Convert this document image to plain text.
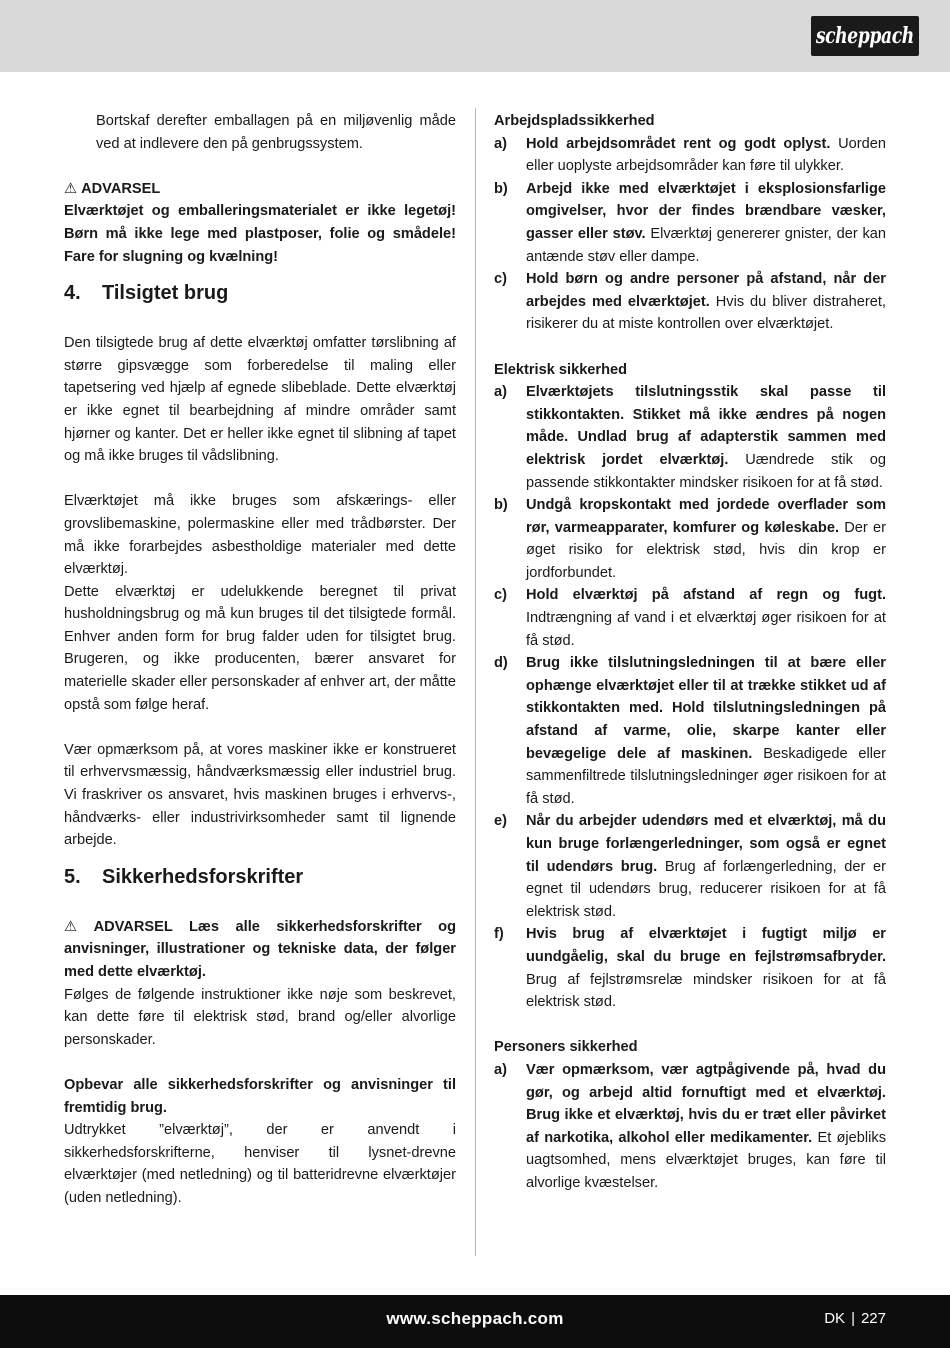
scheppach

Bortskaf derefter emballagen på en miljøvenlig måde ved at indlevere den på genbrugssystem.

⚠ ADVARSEL

Elværktøjet og emballeringsmaterialet er ikke legetøj! Børn må ikke lege med plastposer, folie og smådele! Fare for slugning og kvælning!

4.	Tilsigtet brug

Den tilsigtede brug af dette elværktøj omfatter tørslibning af større gipsvægge som forberedelse til maling eller tapetsering ved hjælp af egnede slibeblade. Dette elværktøj er ikke egnet til bearbejdning af mindre områder samt hjørner og kanter. Det er heller ikke egnet til slibning af tapet og må ikke bruges til vådslibning.

Elværktøjet må ikke bruges som afskærings- eller grovslibemaskine, polermaskine eller med trådbørster. Der må ikke forarbejdes asbestholdige materialer med dette elværktøj.

Dette elværktøj er udelukkende beregnet til privat husholdningsbrug og må kun bruges til det tilsigtede formål. Enhver anden form for brug falder uden for tilsigtet brug. Brugeren, og ikke producenten, bærer ansvaret for materielle skader eller personskader af enhver art, der måtte opstå som følge heraf.

Vær opmærksom på, at vores maskiner ikke er konstrueret til erhvervsmæssig, håndværksmæssig eller industriel brug. Vi fraskriver os ansvaret, hvis maskinen bruges i erhvervs-, håndværks- eller industrivirksomheder samt til lignende arbejde.

5.	Sikkerhedsforskrifter

⚠ ADVARSEL Læs alle sikkerhedsforskrifter og anvisninger, illustrationer og tekniske data, der følger med dette elværktøj.

Følges de følgende instruktioner ikke nøje som beskrevet, kan dette føre til elektrisk stød, brand og/eller alvorlige personskader.

Opbevar alle sikkerhedsforskrifter og anvisninger til fremtidig brug.

Udtrykket ”elværktøj”, der er anvendt i sikkerhedsforskrifterne, henviser til lysnet-drevne elværktøjer (med netledning) og til batteridrevne elværktøjer (uden netledning).

Arbejdspladssikkerhed
a)	Hold arbejdsområdet rent og godt oplyst. Uorden eller uoplyste arbejdsområder kan føre til ulykker.
b)	Arbejd ikke med elværktøjet i eksplosionsfarlige omgivelser, hvor der findes brændbare væsker, gasser eller støv. Elværktøj genererer gnister, der kan antænde støv eller dampe.
c)	Hold børn og andre personer på afstand, når der arbejdes med elværktøjet. Hvis du bliver distraheret, risikerer du at miste kontrollen over elværktøjet.
Elektrisk sikkerhed
a)	Elværktøjets tilslutningsstik skal passe til stikkontakten. Stikket må ikke ændres på nogen måde. Undlad brug af adapterstik sammen med elektrisk jordet elværktøj. Uændrede stik og passende stikkontakter mindsker risikoen for at få stød.
b)	Undgå kropskontakt med jordede overflader som rør, varmeapparater, komfurer og køleskabe. Der er øget risiko for elektrisk stød, hvis din krop er jordforbundet.
c)	Hold elværktøj på afstand af regn og fugt. Indtrængning af vand i et elværktøj øger risikoen for at få stød.
d)	Brug ikke tilslutningsledningen til at bære eller ophænge elværktøjet eller til at trække stikket ud af stikkontakten med. Hold tilslutningsledningen på afstand af varme, olie, skarpe kanter eller bevægelige dele af maskinen. Beskadigede eller sammenfiltrede tilslutningsledninger øger risikoen for at få stød.
e)	Når du arbejder udendørs med et elværktøj, må du kun bruge forlængerledninger, som også er egnet til udendørs brug. Brug af forlængerledning, der er egnet til udendørs brug, reducerer risikoen for at få elektrisk stød.
f)	Hvis brug af elværktøjet i fugtigt miljø er uundgåelig, skal du bruge en fejlstrømsafbryder. Brug af fejlstrømsrelæ mindsker risikoen for at få elektrisk stød.
Personers sikkerhed
a)	Vær opmærksom, vær agtpågivende på, hvad du gør, og arbejd altid fornuftigt med et elværktøj. Brug ikke et elværktøj, hvis du er træt eller påvirket af narkotika, alkohol eller medikamenter. Et øjebliks uagtsomhed, mens elværktøjet bruges, kan føre til alvorlige kvæstelser.
www.scheppach.com	DK | 227
